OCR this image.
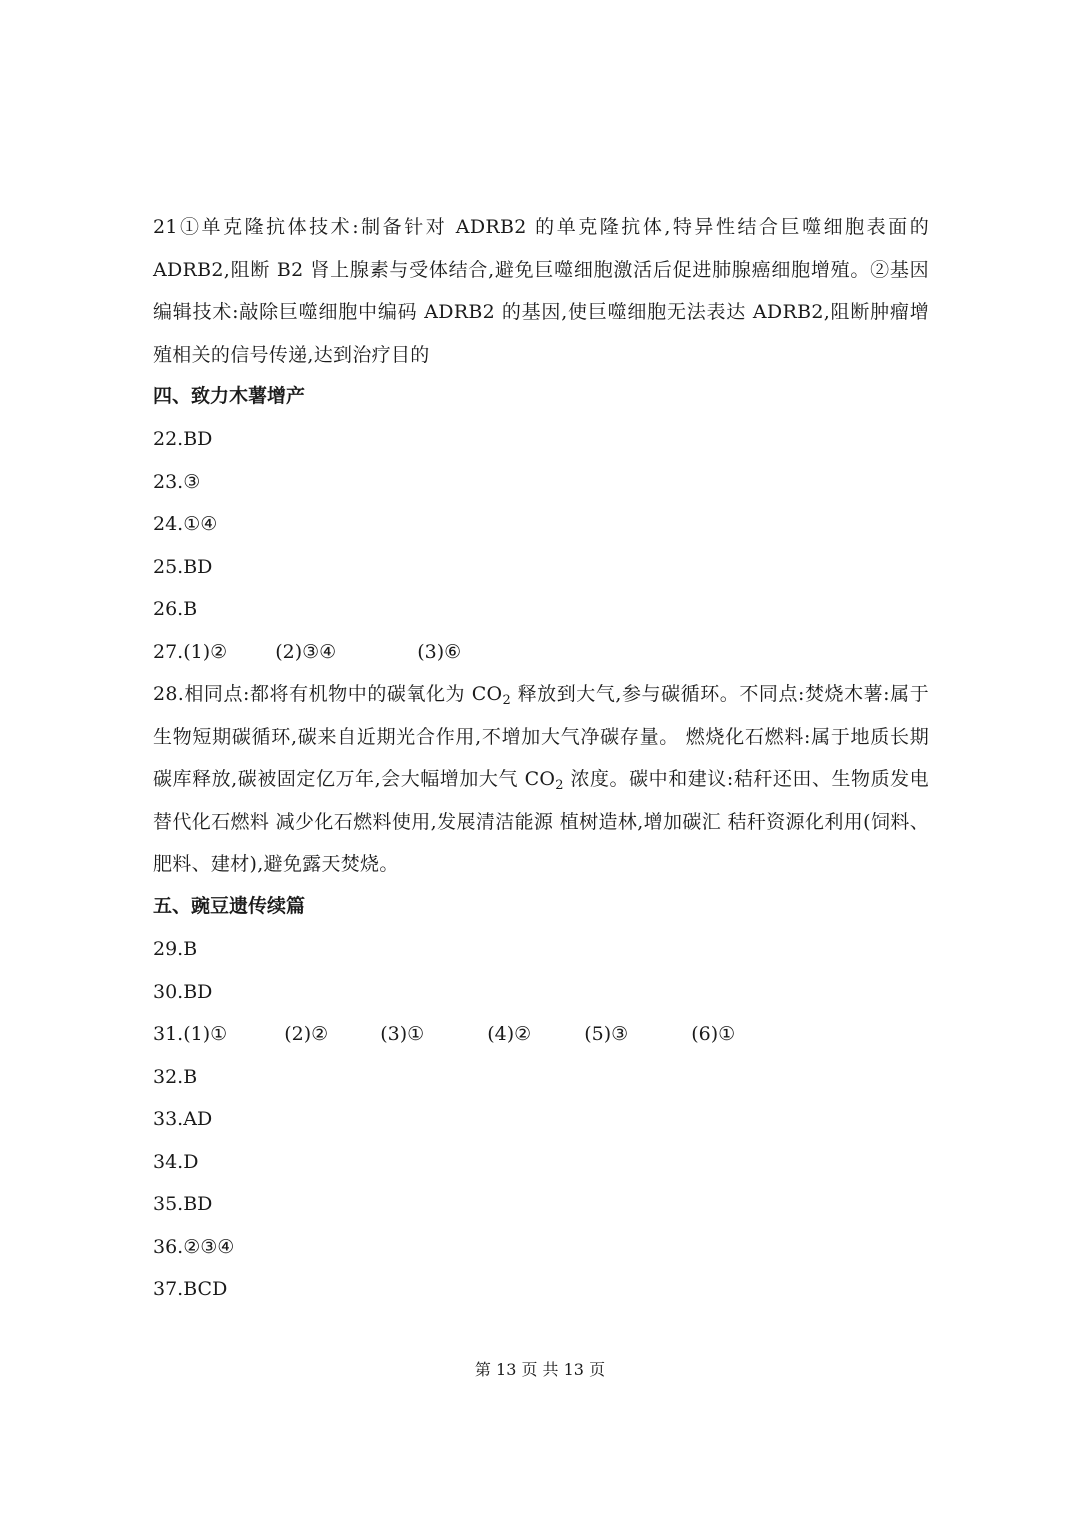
21①单克隆抗体技术:制备针对 ADRB2 的单克隆抗体,特异性结合巨噬细胞表面的 ADRB2,阻断 B2 肾上腺素与受体结合,避免巨噬细胞激活后促进肺腺癌细胞增殖。②基因编辑技术:敲除巨噬细胞中编码 ADRB2 的基因,使巨噬细胞无法表达 ADRB2,阻断肿瘤增殖相关的信号传递,达到治疗目的
四、致力木薯增产
22.BD
23.③
24.①④
25.BD
26.B
27.(1)②	(2)③④	(3)⑥
28.相同点:都将有机物中的碳氧化为 $CO_2$ 释放到大气,参与碳循环。不同点:焚烧木薯:属于生物短期碳循环,碳来自近期光合作用,不增加大气净碳存量。 燃烧化石燃料:属于地质长期碳库释放,碳被固定亿万年,会大幅增加大气 $CO_2$ 浓度。碳中和建议:秸秆还田、生物质发电替代化石燃料 减少化石燃料使用,发展清洁能源 植树造林,增加碳汇 秸秆资源化利用(饲料、肥料、建材),避免露天焚烧。
五、豌豆遗传续篇
29.B
30.BD
31.(1)①	(2)②	(3)①	(4)②	(5)③	(6)①
32.B
33.AD
34.D
35.BD
36.②③④
37.BCD
第 13 页 共 13 页
